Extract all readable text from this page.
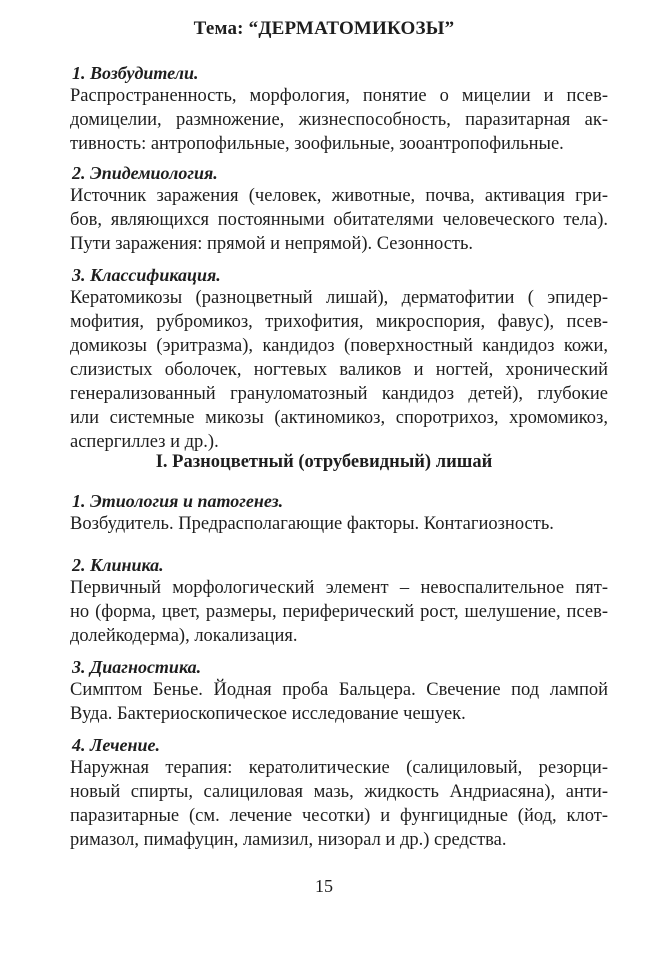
Тема: “ДЕРМАТОМИКОЗЫ”
1. Возбудители.

Распространенность, морфология, понятие о мицелии и псев-
домицелии, размножение, жизнеспособность, паразитарная ак-
тивность: антропофильные, зоофильные, зооантропофильные.

2. Эпидемиология.

Источник заражения (человек, животные, почва, активация гри-
бов, являющихся постоянными обитателями человеческого тела).
Пути заражения: прямой и непрямой). Сезонность.

3. Классификация.

Кератомикозы (разноцветный лишай), дерматофитии ( эпидер-
мофития, рубромикоз, трихофития, микроспория, фавус), псев-
домикозы (эритразма), кандидоз (поверхностный кандидоз кожи,
слизистых оболочек, ногтевых валиков и ногтей, хронический
генерализованный грануломатозный кандидоз детей), глубокие
или системные микозы (актиномикоз, споротрихоз, хромомикоз,
аспергиллез и др.).

I. Разноцветный (отрубевидный) лишай
1. Этиология и патогенез.

Возбудитель. Предрасполагающие факторы. Контагиозность.

2. Клиника.

Первичный морфологический элемент – невоспалительное пят-
но (форма, цвет, размеры, периферический рост, шелушение, псев-
долейкодерма), локализация.

3. Диагностика.

Симптом Бенье. Йодная проба Бальцера. Свечение под лампой
Вуда. Бактериоскопическое исследование чешуек.

4. Лечение.

Наружная терапия: кератолитические (салициловый, резорци-
новый спирты, салициловая мазь, жидкость Андриасяна), анти-
паразитарные (см. лечение чесотки) и фунгицидные (йод, клот-
римазол, пимафуцин, ламизил, низорал и др.) средства.

15
